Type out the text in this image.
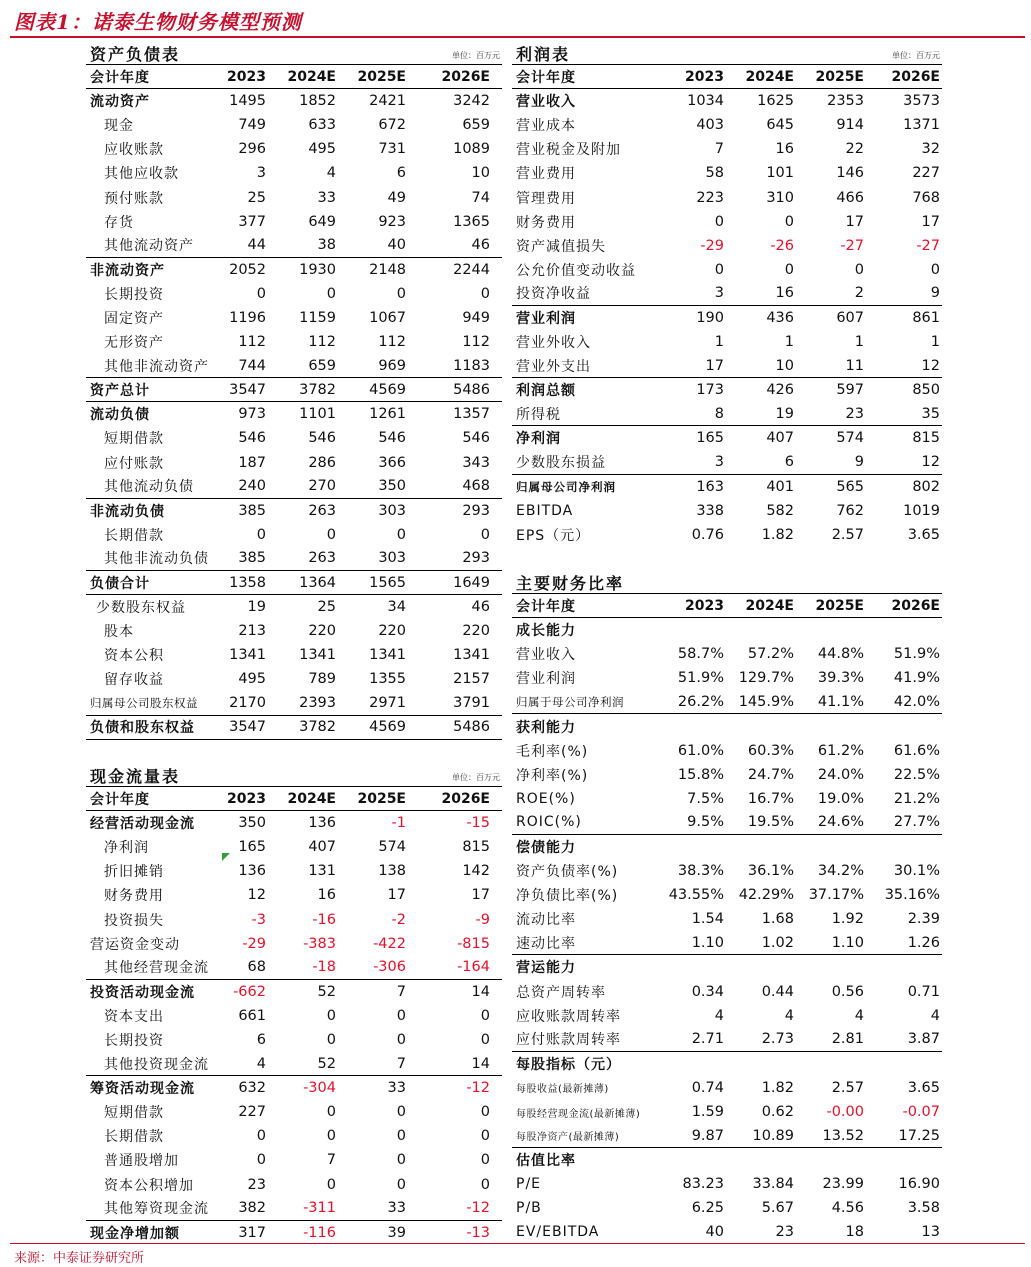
图表1：诺泰生物财务模型预测
资产负债表	单位：百万元
会计年度	2023 2024E 2025E	2026E
流动资产	1495 1852 2421	3242
现金	749	633	672	659
应收账款	296	495	731	1089
其他应收款	3	4	6	10
预付账款	25	33	49	74
存货	377	649	923	1365
其他流动资产	44	38	40	46
非流动资产	2052 1930 2148	2244
长期投资	0	0	0	0
固定资产	1196 1159 1067	949
无形资产	112	112	112	112
其他非流动资产 744	659	969	1183
资产总计	3547 3782 4569	5486
流动负债	973 1101 1261	1357
短期借款	546	546	546	546
应付账款	187	286	366	343
其他流动负债	240	270	350	468
非流动负债	385	263	303	293
长期借款	0	0	0	0
其他非流动负债 385	263	303	293
负债合计	1358 1364 1565	1649
少数股东权益	19	25	34	46
股本	213	220	220	220
资本公积	1341 1341 1341	1341
留存收益	495	789 1355	2157
归属母公司股东权益 2170 2393 2971	3791
负债和股东权益 3547 3782 4569	5486
现金流量表	单位：百万元
会计年度	2023 2024E 2025E	2026E
经营活动现金流	350	136	-1	-15
净利润	165	407	574	815
折旧摊销	136	131	138	142
财务费用	12	16	17	17
投资损失	-3	-16	-2	-9
营运资金变动	-29	-383	-422	-815
其他经营现金流	68	-18	-306	-164
投资活动现金流	-662	52	7	14
资本支出	661	0	0	0
长期投资	6	0	0	0
其他投资现金流	4	52	7	14
筹资活动现金流	632	-304	33	-12
短期借款	227	0	0	0
长期借款	0	0	0	0
普通股增加	0	7	0	0
资本公积增加	23	0	0	0
其他筹资现金流 382	-311	33	-12
现金净增加额	317	-116	39	-13
利润表	单位：百万元
会计年度	2023 2024E 2025E 2026E
营业收入	1034 1625 2353	3573
营业成本	403	645	914	1371
营业税金及附加	7	16	22	32
营业费用	58	101	146	227
管理费用	223	310	466	768
财务费用	0	0	17	17
资产减值损失	-29	-26	-27	-27
公允价值变动收益	0	0	0	0
投资净收益	3	16	2	9
营业利润	190	436	607	861
营业外收入	1	1	1	1
营业外支出	17	10	11	12
利润总额	173	426	597	850
所得税	8	19	23	35
净利润	165	407	574	815
少数股东损益	3	6	9	12
归属母公司净利润	163	401	565	802
EBITDA	338	582	762	1019
EPS（元）	0.76	1.82	2.57	3.65
主要财务比率
会计年度	2023 2024E 2025E 2026E
成长能力
营业收入	58.7% 57.2% 44.8% 51.9%
营业利润	51.9% 129.7% 39.3% 41.9%
归属于母公司净利润	26.2% 145.9% 41.1% 42.0%
获利能力
毛利率(%)	61.0% 60.3% 61.2% 61.6%
净利率(%)	15.8% 24.7% 24.0% 22.5%
ROE(%)	7.5% 16.7% 19.0% 21.2%
ROIC(%)	9.5% 19.5% 24.6% 27.7%
偿债能力
资产负债率(%)	38.3% 36.1% 34.2% 30.1%
净负债比率(%)	43.55% 42.29% 37.17% 35.16%
流动比率	1.54	1.68	1.92	2.39
速动比率	1.10	1.02	1.10	1.26
营运能力
总资产周转率	0.34	0.44	0.56	0.71
应收账款周转率	4	4	4	4
应付账款周转率	2.71	2.73	2.81	3.87
每股指标（元）
每股收益(最新摊薄)	0.74	1.82	2.57	3.65
每股经营现金流(最新摊薄)	1.59	0.62 -0.00	-0.07
每股净资产(最新摊薄)	9.87 10.89 13.52 17.25
估值比率
P/E	83.23 33.84 23.99 16.90
P/B	6.25	5.67	4.56	3.58
EV/EBITDA	40	23	18	13
来源：中泰证券研究所
